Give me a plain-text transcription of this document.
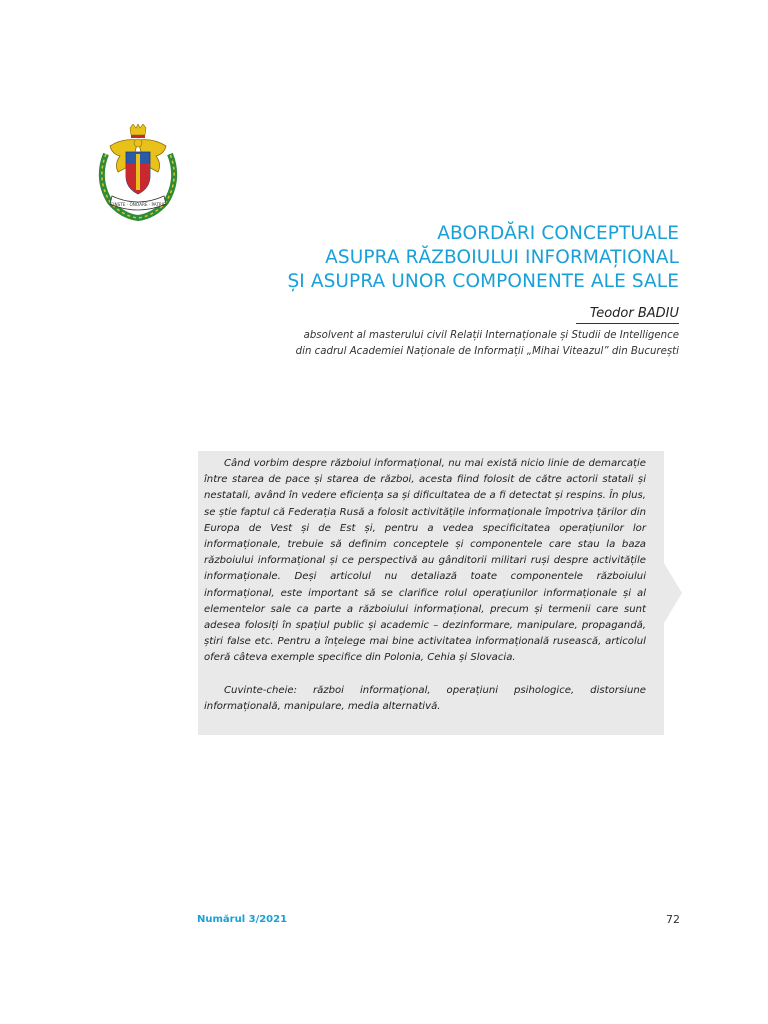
CINSTE · ONOARE · PATRIE
ABORDĂRI CONCEPTUALE
ASUPRA RĂZBOIULUI INFORMAȚIONAL
ȘI ASUPRA UNOR COMPONENTE ALE SALE
Teodor BADIU
absolvent al masterului civil Relații Internaționale și Studii de Intelligence
din cadrul Academiei Naționale de Informații „Mihai Viteazul” din București

Când vorbim despre războiul informațional, nu mai există nicio linie de demarcație între starea de pace și starea de război, acesta fiind folosit de către actorii statali și nestatali, având în vedere eficiența sa și dificultatea de a fi detectat și respins. În plus, se știe faptul că Federația Rusă a folosit activitățile informaționale împotriva țărilor din Europa de Vest și de Est și, pentru a vedea specificitatea operațiunilor lor informaționale, trebuie să definim conceptele și componentele care stau la baza războiului informațional și ce perspectivă au gânditorii militari ruși despre activitățile informaționale. Deși articolul nu detaliază toate componentele războiului informațional, este important să se clarifice rolul operațiunilor informaționale și al elementelor sale ca parte a războiului informațional, precum și termenii care sunt adesea folosiți în spațiul public și academic – dezinformare, manipulare, propagandă, știri false etc. Pentru a înțelege mai bine activitatea informațională rusească, articolul oferă câteva exemple specifice din Polonia, Cehia și Slovacia.

Cuvinte-cheie: război informațional, operațiuni psihologice, distorsiune informațională, manipulare, media alternativă.

Numărul 3/2021	72
